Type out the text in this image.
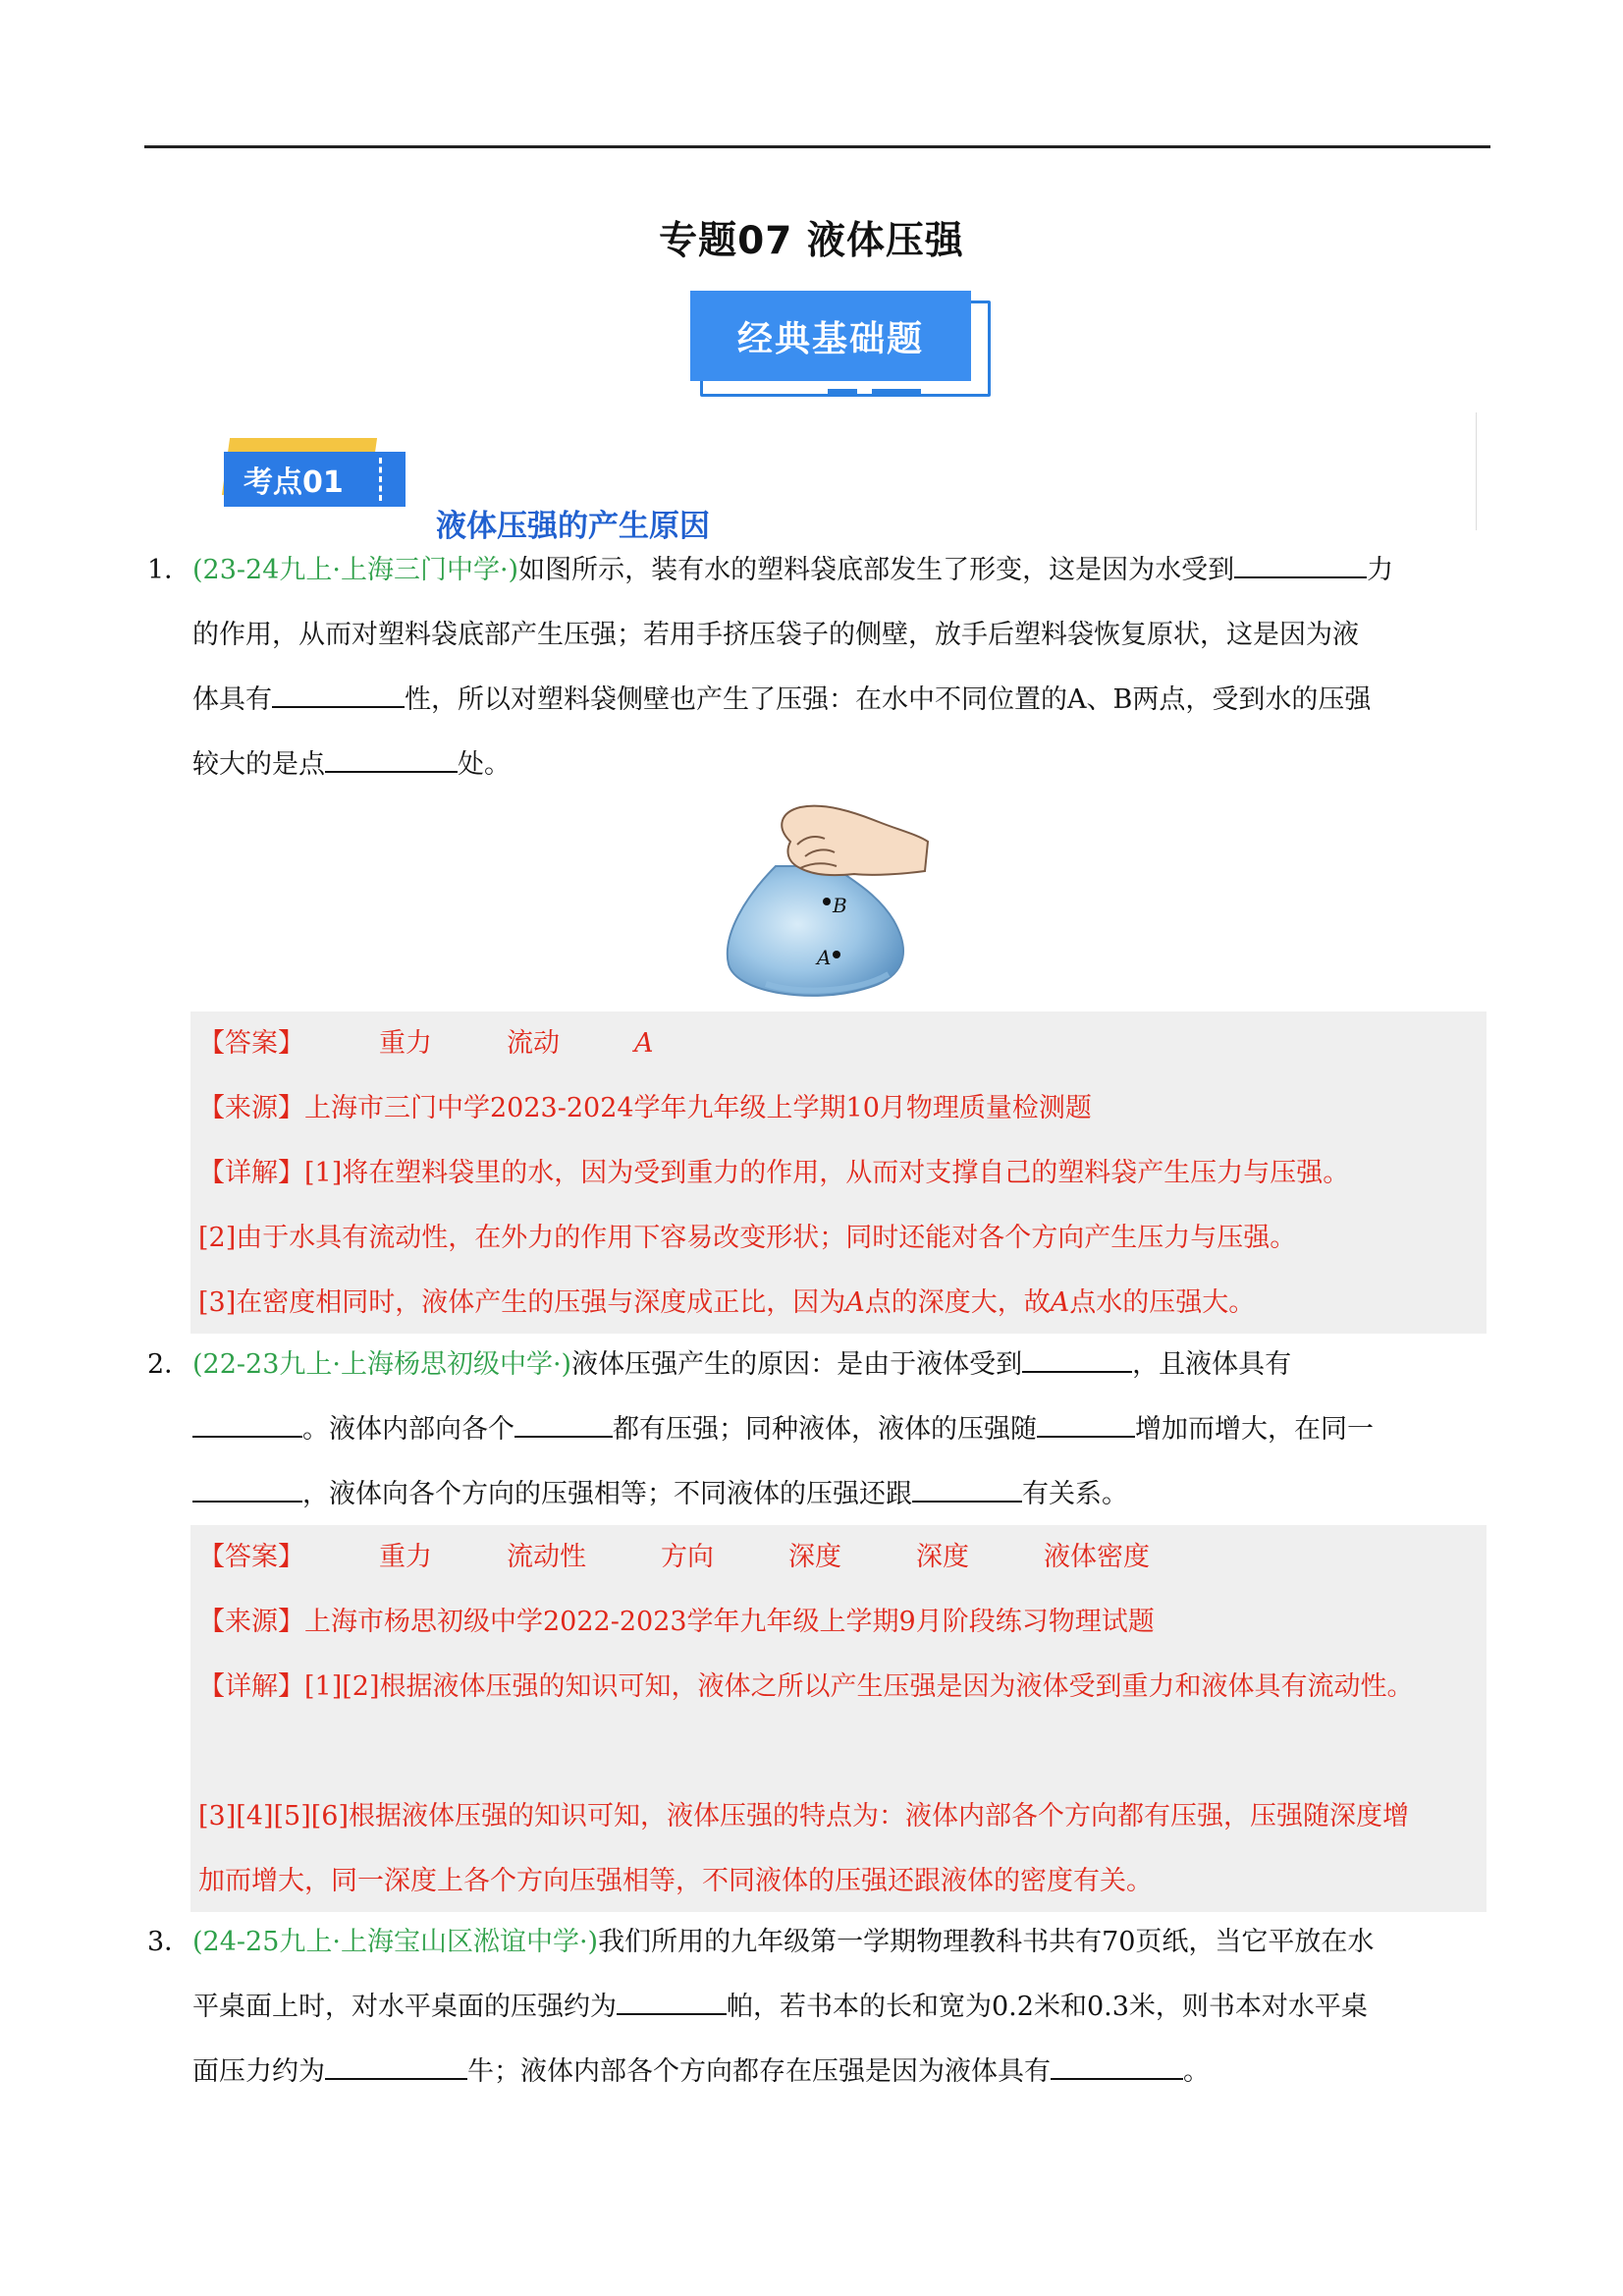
专题07 液体压强
经典基础题
考点01
液体压强的产生原因
1． (23-24九上·上海三门中学·)如图所示，装有水的塑料袋底部发生了形变，这是因为水受到	力
的作用，从而对塑料袋底部产生压强；若用手挤压袋子的侧壁，放手后塑料袋恢复原状，这是因为液
体具有	性，所以对塑料袋侧壁也产生了压强：在水中不同位置的A、B两点，受到水的压强
较大的是点	处。
B
A
【答案】	重力	流动	A
【来源】上海市三门中学2023-2024学年九年级上学期10月物理质量检测题
【详解】[1]将在塑料袋里的水，因为受到重力的作用，从而对支撑自己的塑料袋产生压力与压强。
[2]由于水具有流动性，在外力的作用下容易改变形状；同时还能对各个方向产生压力与压强。
[3]在密度相同时，液体产生的压强与深度成正比，因为A点的深度大，故A点水的压强大。
2． (22-23九上·上海杨思初级中学·)液体压强产生的原因：是由于液体受到	，且液体具有
。液体内部向各个	都有压强；同种液体，液体的压强随	增加而增大，在同一
，液体向各个方向的压强相等；不同液体的压强还跟	有关系。
【答案】	重力	流动性	方向	深度	深度	液体密度
【来源】上海市杨思初级中学2022-2023学年九年级上学期9月阶段练习物理试题
【详解】[1][2]根据液体压强的知识可知，液体之所以产生压强是因为液体受到重力和液体具有流动性。
[3][4][5][6]根据液体压强的知识可知，液体压强的特点为：液体内部各个方向都有压强，压强随深度增
加而增大，同一深度上各个方向压强相等，不同液体的压强还跟液体的密度有关。
3． (24-25九上·上海宝山区淞谊中学·)我们所用的九年级第一学期物理教科书共有70页纸，当它平放在水
平桌面上时，对水平桌面的压强约为	帕，若书本的长和宽为0.2米和0.3米，则书本对水平桌
面压力约为	牛；液体内部各个方向都存在压强是因为液体具有	。
